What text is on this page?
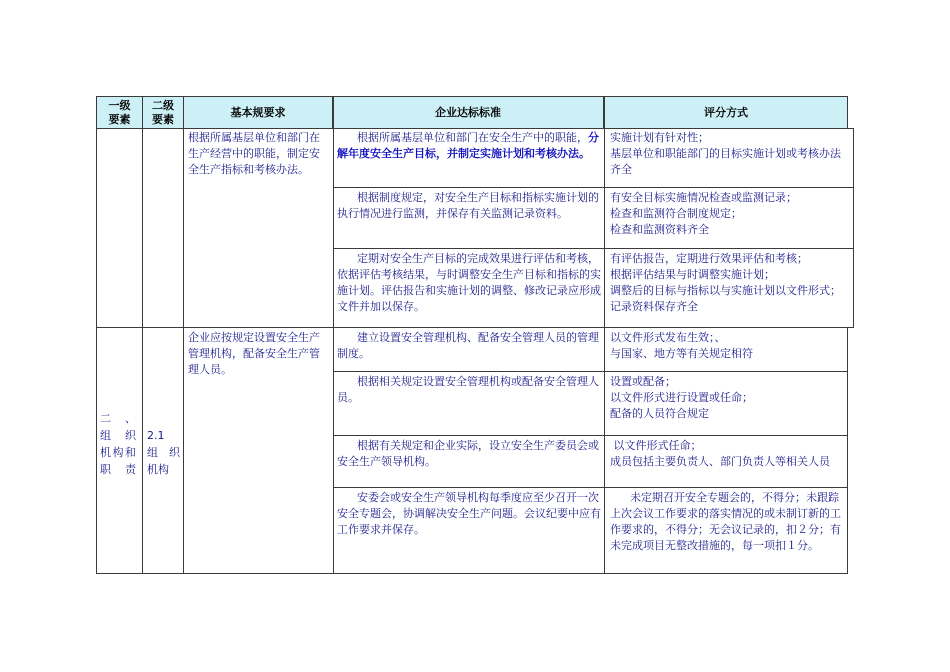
一级
要素
二级
要素
基本规要求	企业达标标准	评分方式
根据所属基层单位和部门在生产经营中的职能，制定安全生产指标和考核办法。

根据所属基层单位和部门在安全生产中的职能，分解年度安全生产目标，并制定实施计划和考核办法。

实施计划有针对性；
基层单位和职能部门的目标实施计划或考核办法齐全

根据制度规定，对安全生产目标和指标实施计划的执行情况进行监测，并保存有关监测记录资料。

有安全目标实施情况检查或监测记录；
检查和监测符合制度规定；
检查和监测资料齐全

定期对安全生产目标的完成效果进行评估和考核，依据评估考核结果，与时调整安全生产目标和指标的实施计划。评估报告和实施计划的调整、修改记录应形成文件并加以保存。

有评估报告，定期进行效果评估和考核；
根据评估结果与时调整实施计划；
调整后的目标与指标以与实施计划以文件形式；
记录资料保存齐全
二 、
组 织
机 构 和
职 责
2.1
组 织
机构
企业应按规定设置安全生产管理机构，配备安全生产管理人员。

建立设置安全管理机构、配备安全管理人员的管理制度。

以文件形式发布生效；、
与国家、地方等有关规定相符

根据相关规定设置安全管理机构或配备安全管理人员。

设置或配备；
以文件形式进行设置或任命；
配备的人员符合规定

根据有关规定和企业实际，设立安全生产委员会或安全生产领导机构。

以文件形式任命；
成员包括主要负责人、部门负责人等相关人员

安委会或安全生产领导机构每季度应至少召开一次安全专题会，协调解决安全生产问题。会议纪要中应有工作要求并保存。

未定期召开安全专题会的，不得分；未跟踪上次会议工作要求的落实情况的或未制订新的工作要求的，不得分；无会议记录的，扣２分；有未完成项目无整改措施的，每一项扣１分。
